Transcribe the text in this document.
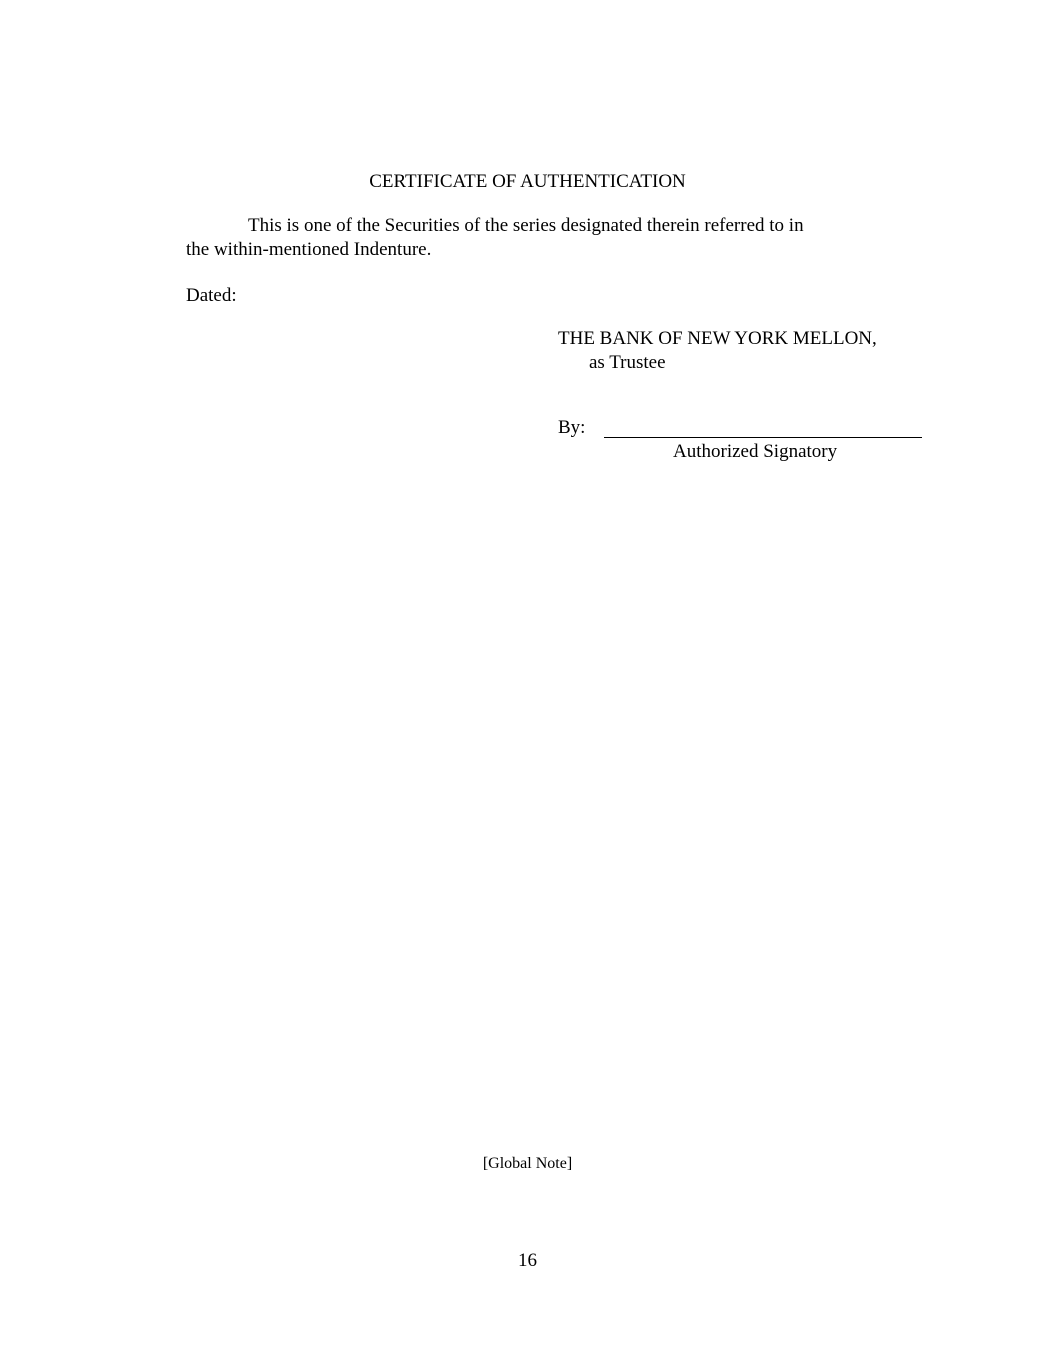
CERTIFICATE OF AUTHENTICATION
This is one of the Securities of the series designated therein referred to in
the within-mentioned Indenture.
Dated:
THE BANK OF NEW YORK MELLON,
as Trustee
By:
Authorized Signatory
[Global Note]
16
